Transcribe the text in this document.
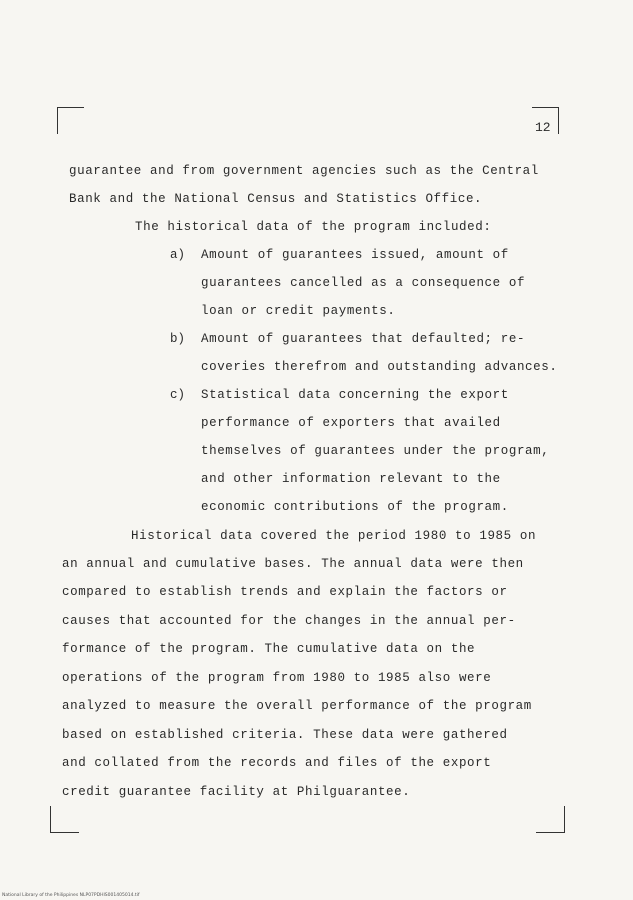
12
guarantee and from government agencies such as the Central
Bank and the National Census and Statistics Office.
The historical data of the program included:
a) Amount of guarantees issued, amount of
guarantees cancelled as a consequence of
loan or credit payments.
b) Amount of guarantees that defaulted; re-
coveries therefrom and outstanding advances.
c) Statistical data concerning the export
performance of exporters that availed
themselves of guarantees under the program,
and other information relevant to the
economic contributions of the program.
Historical data covered the period 1980 to 1985 on
an annual and cumulative bases. The annual data were then
compared to establish trends and explain the factors or
causes that accounted for the changes in the annual per-
formance of the program. The cumulative data on the
operations of the program from 1980 to 1985 also were
analyzed to measure the overall performance of the program
based on established criteria. These data were gathered
and collated from the records and files of the export
credit guarantee facility at Philguarantee.
National Library of the Philippines NLP07PDHIS001405014.tif
